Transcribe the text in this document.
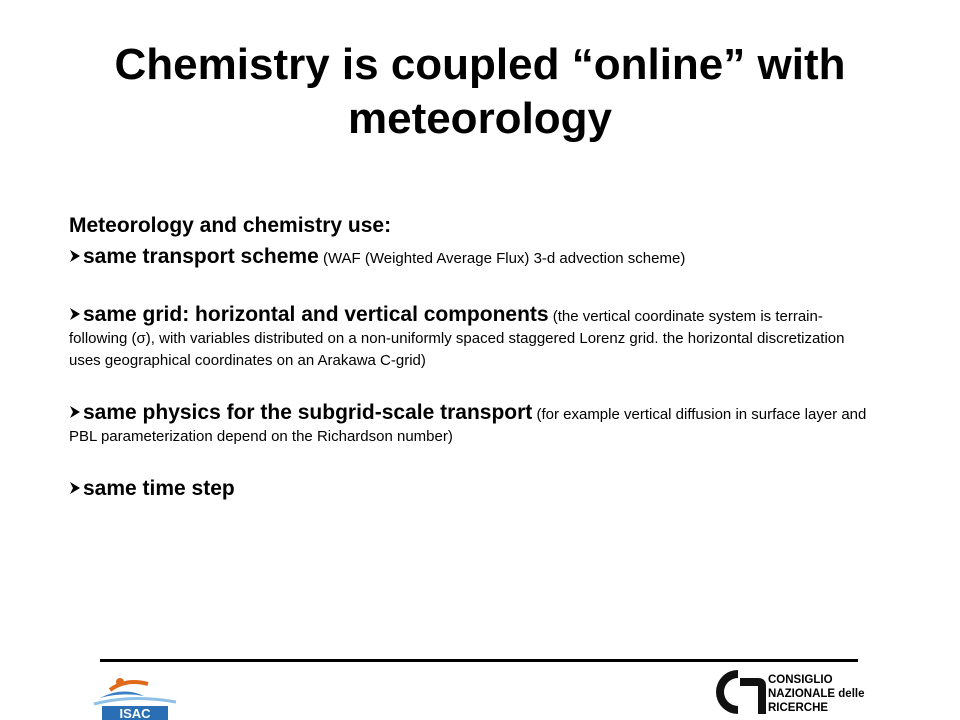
Chemistry is coupled “online” with meteorology
Meteorology and chemistry use:
same transport scheme (WAF (Weighted Average Flux) 3-d advection scheme)
same grid: horizontal and vertical components (the vertical coordinate system is terrain-following (σ), with variables distributed on a non-uniformly spaced staggered Lorenz grid. the horizontal discretization uses geographical coordinates on an Arakawa C-grid)
same physics for the subgrid-scale transport (for example vertical diffusion in surface layer and PBL parameterization depend on the Richardson number)
same time step
ISAC
CONSIGLIO
NAZIONALE delle
RICERCHE
